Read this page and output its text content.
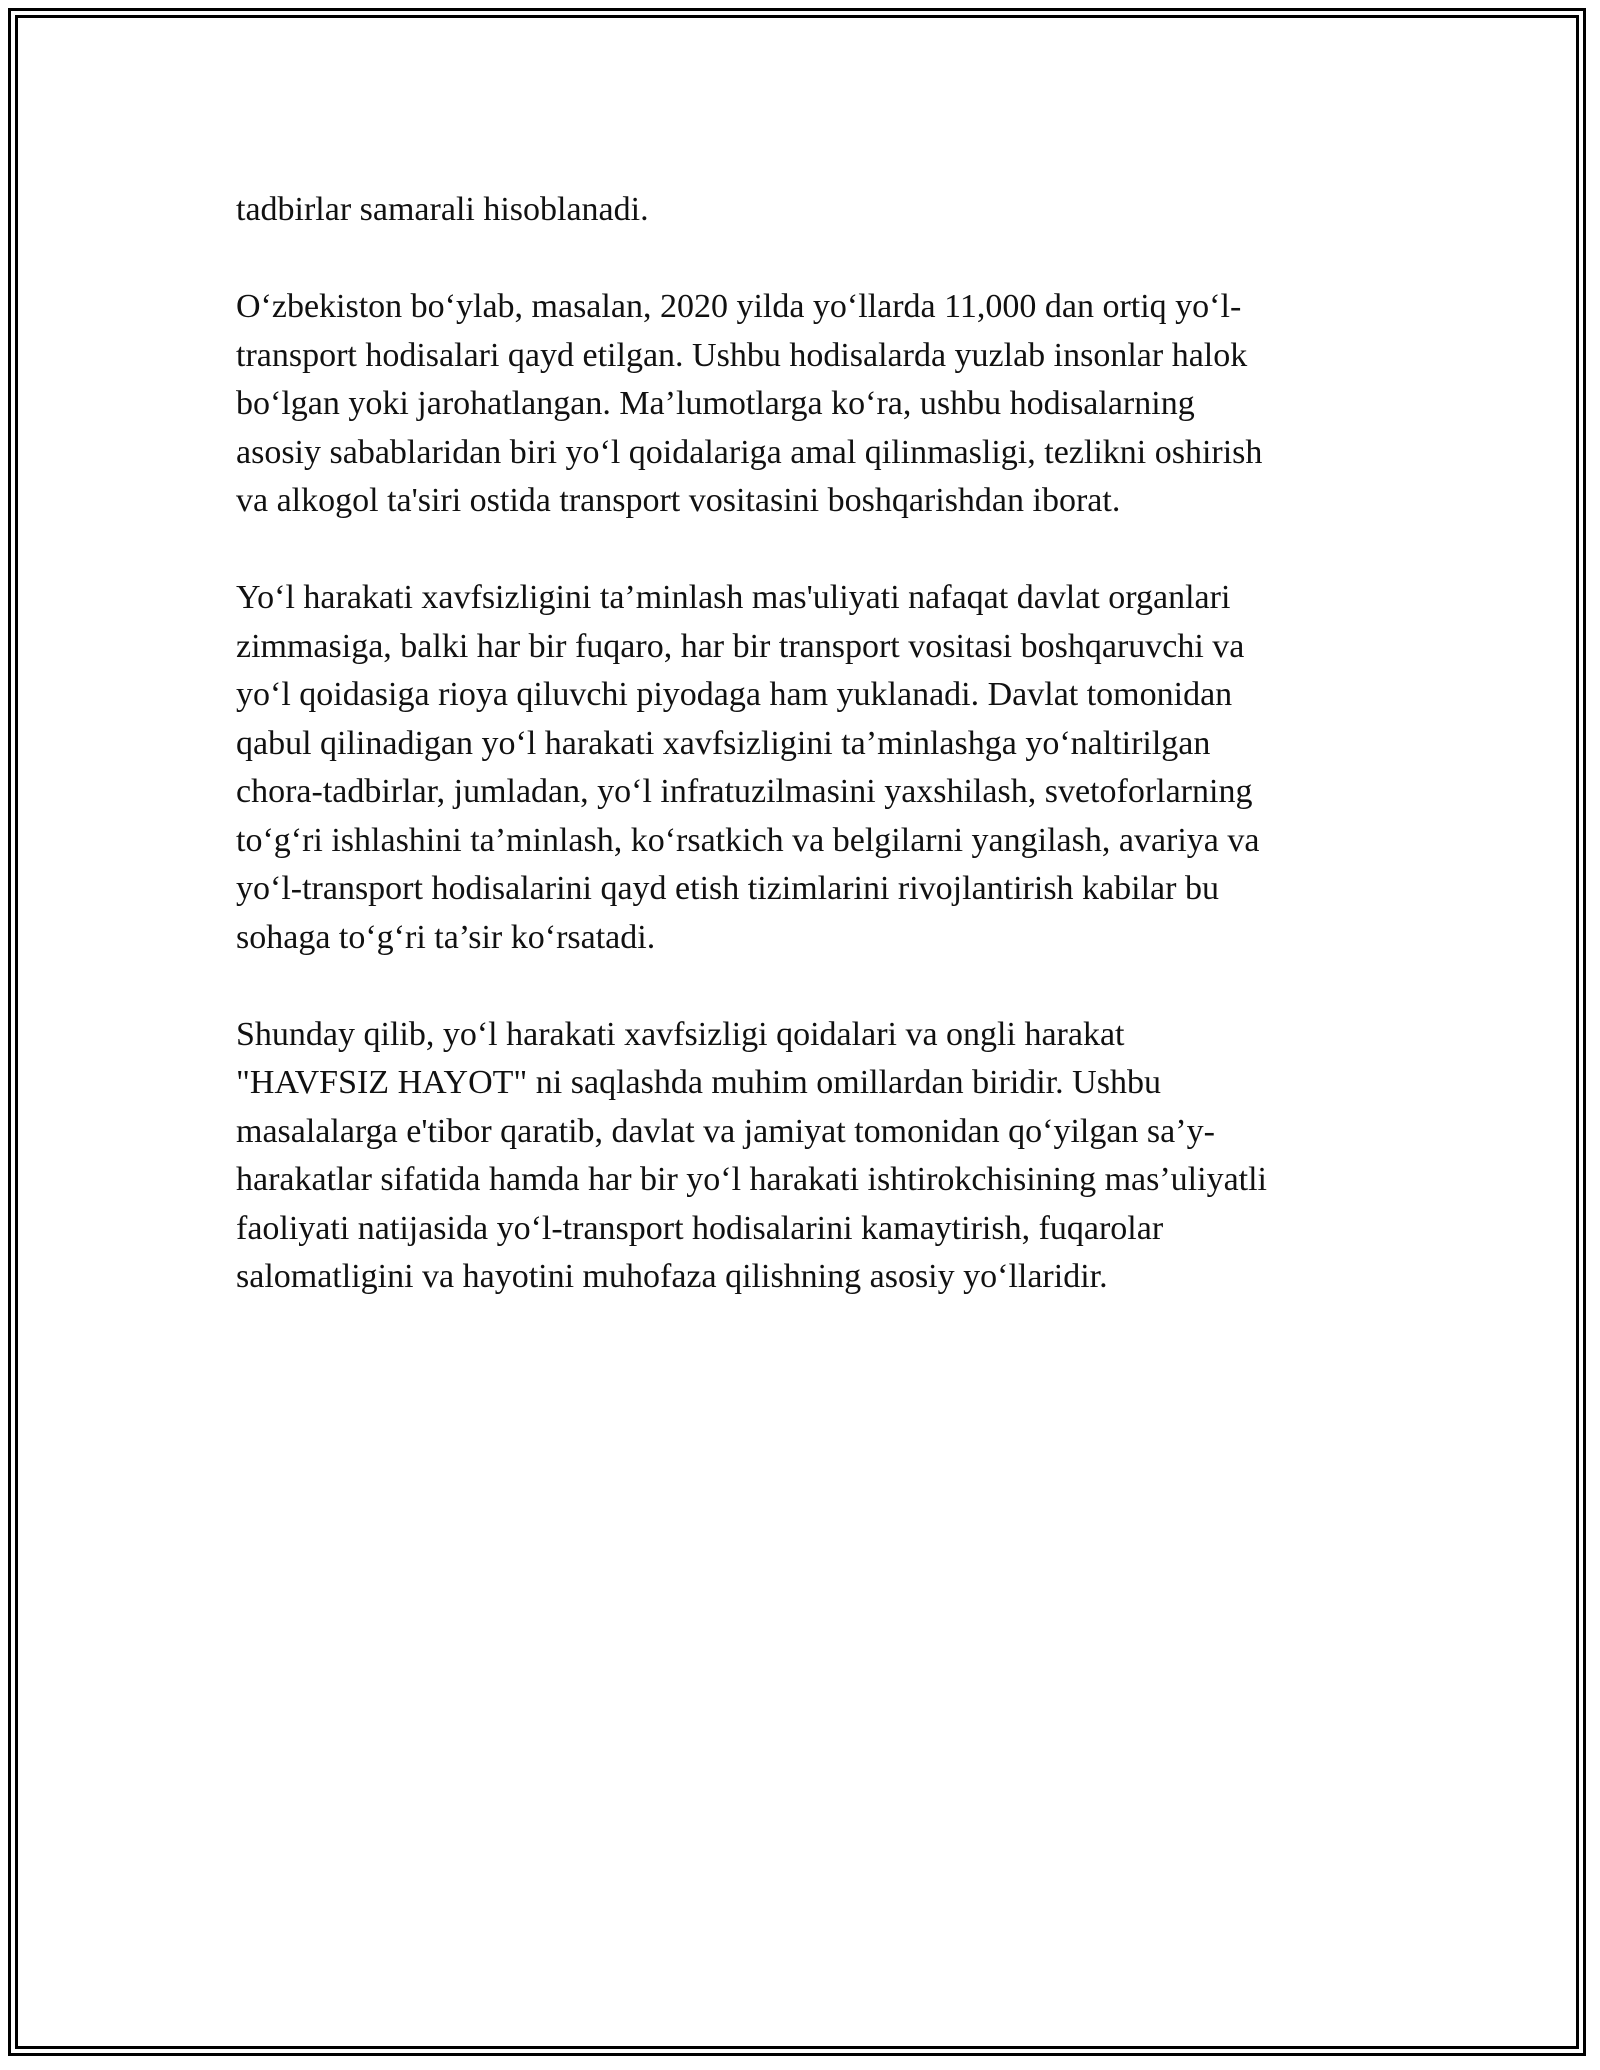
tadbirlar samarali hisoblanadi.

O‘zbekiston bo‘ylab, masalan, 2020 yilda yo‘llarda 11,000 dan ortiq yo‘l-
transport hodisalari qayd etilgan. Ushbu hodisalarda yuzlab insonlar halok
bo‘lgan yoki jarohatlangan. Ma’lumotlarga ko‘ra, ushbu hodisalarning
asosiy sabablaridan biri yo‘l qoidalariga amal qilinmasligi, tezlikni oshirish
va alkogol ta'siri ostida transport vositasini boshqarishdan iborat.

Yo‘l harakati xavfsizligini ta’minlash mas'uliyati nafaqat davlat organlari
zimmasiga, balki har bir fuqaro, har bir transport vositasi boshqaruvchi va
yo‘l qoidasiga rioya qiluvchi piyodaga ham yuklanadi. Davlat tomonidan
qabul qilinadigan yo‘l harakati xavfsizligini ta’minlashga yo‘naltirilgan
chora-tadbirlar, jumladan, yo‘l infratuzilmasini yaxshilash, svetoforlarning
to‘g‘ri ishlashini ta’minlash, ko‘rsatkich va belgilarni yangilash, avariya va
yo‘l-transport hodisalarini qayd etish tizimlarini rivojlantirish kabilar bu
sohaga to‘g‘ri ta’sir ko‘rsatadi.

Shunday qilib, yo‘l harakati xavfsizligi qoidalari va ongli harakat
"HAVFSIZ HAYOT" ni saqlashda muhim omillardan biridir. Ushbu
masalalarga e'tibor qaratib, davlat va jamiyat tomonidan qo‘yilgan sa’y-
harakatlar sifatida hamda har bir yo‘l harakati ishtirokchisining mas’uliyatli
faoliyati natijasida yo‘l-transport hodisalarini kamaytirish, fuqarolar
salomatligini va hayotini muhofaza qilishning asosiy yo‘llaridir.
